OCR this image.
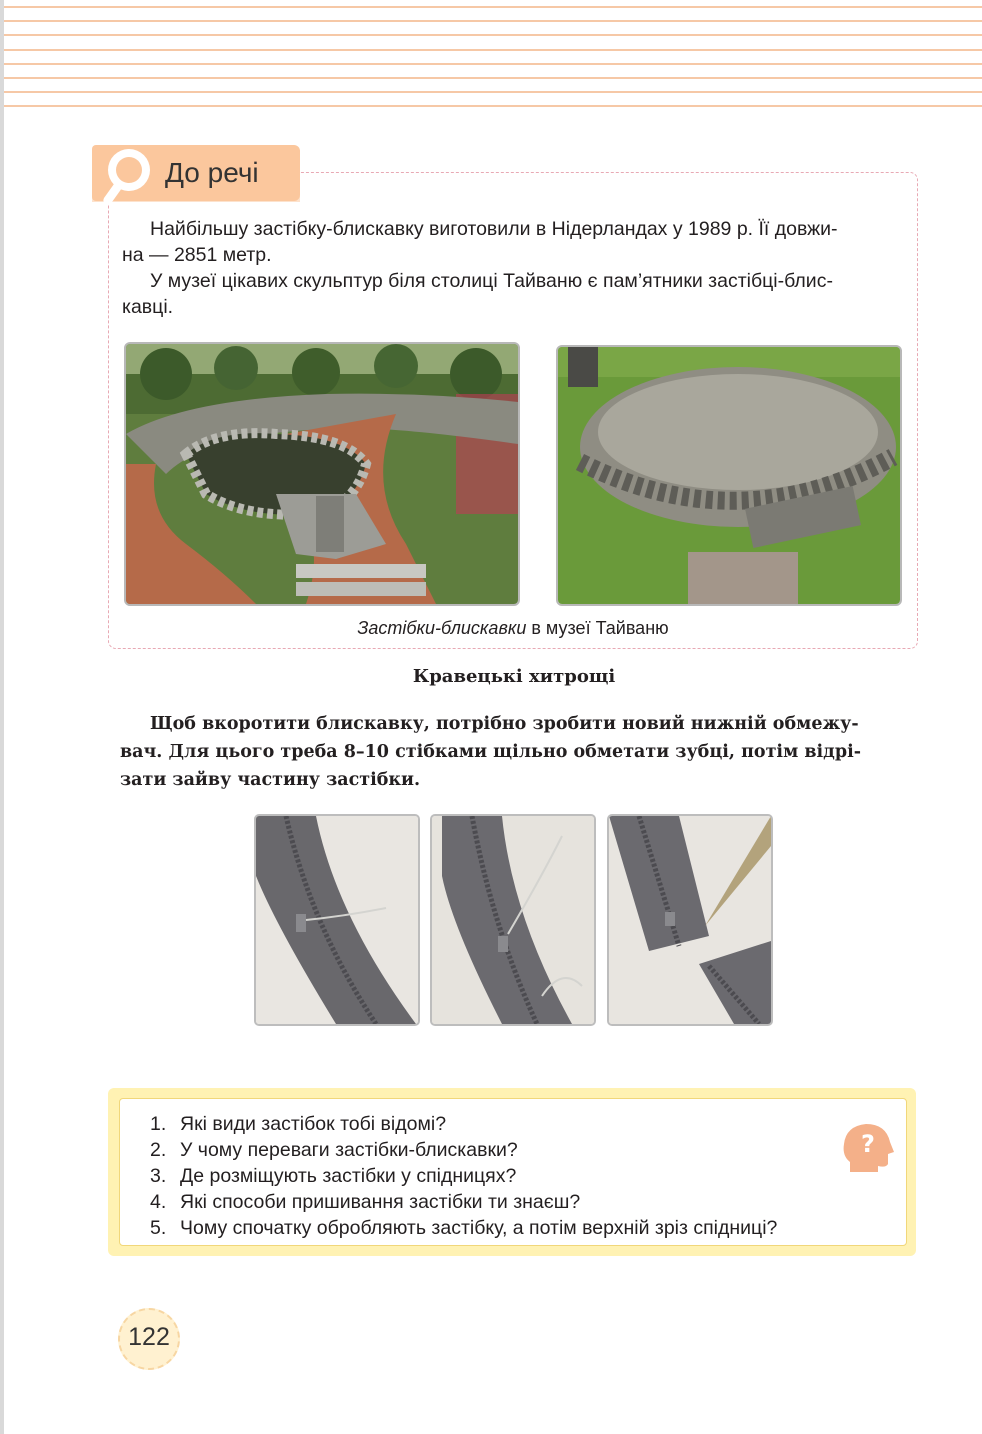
До речі

Найбільшу застібку-блискавку виготовили в Нідерландах у 1989 р. Її довжи-
на — 2851 метр.

У музеї цікавих скульптур біля столиці Тайваню є пам’ятники застібці-блис-
кавці.

Застібки-блискавки в музеї Тайваню
Кравецькі хитрощі

Щоб вкоротити блискавку, потрібно зробити новий нижній обмежу-
вач. Для цього треба 8–10 стібками щільно обметати зубці, потім відрі-
зати зайву частину застібки.

1. Які види застібок тобі відомі?
2. У чому переваги застібки-блискавки?
3. Де розміщують застібки у спідницях?
4. Які способи пришивання застібки ти знаєш?
5. Чому спочатку обробляють застібку, а потім верхній зріз спідниці?
?
122
